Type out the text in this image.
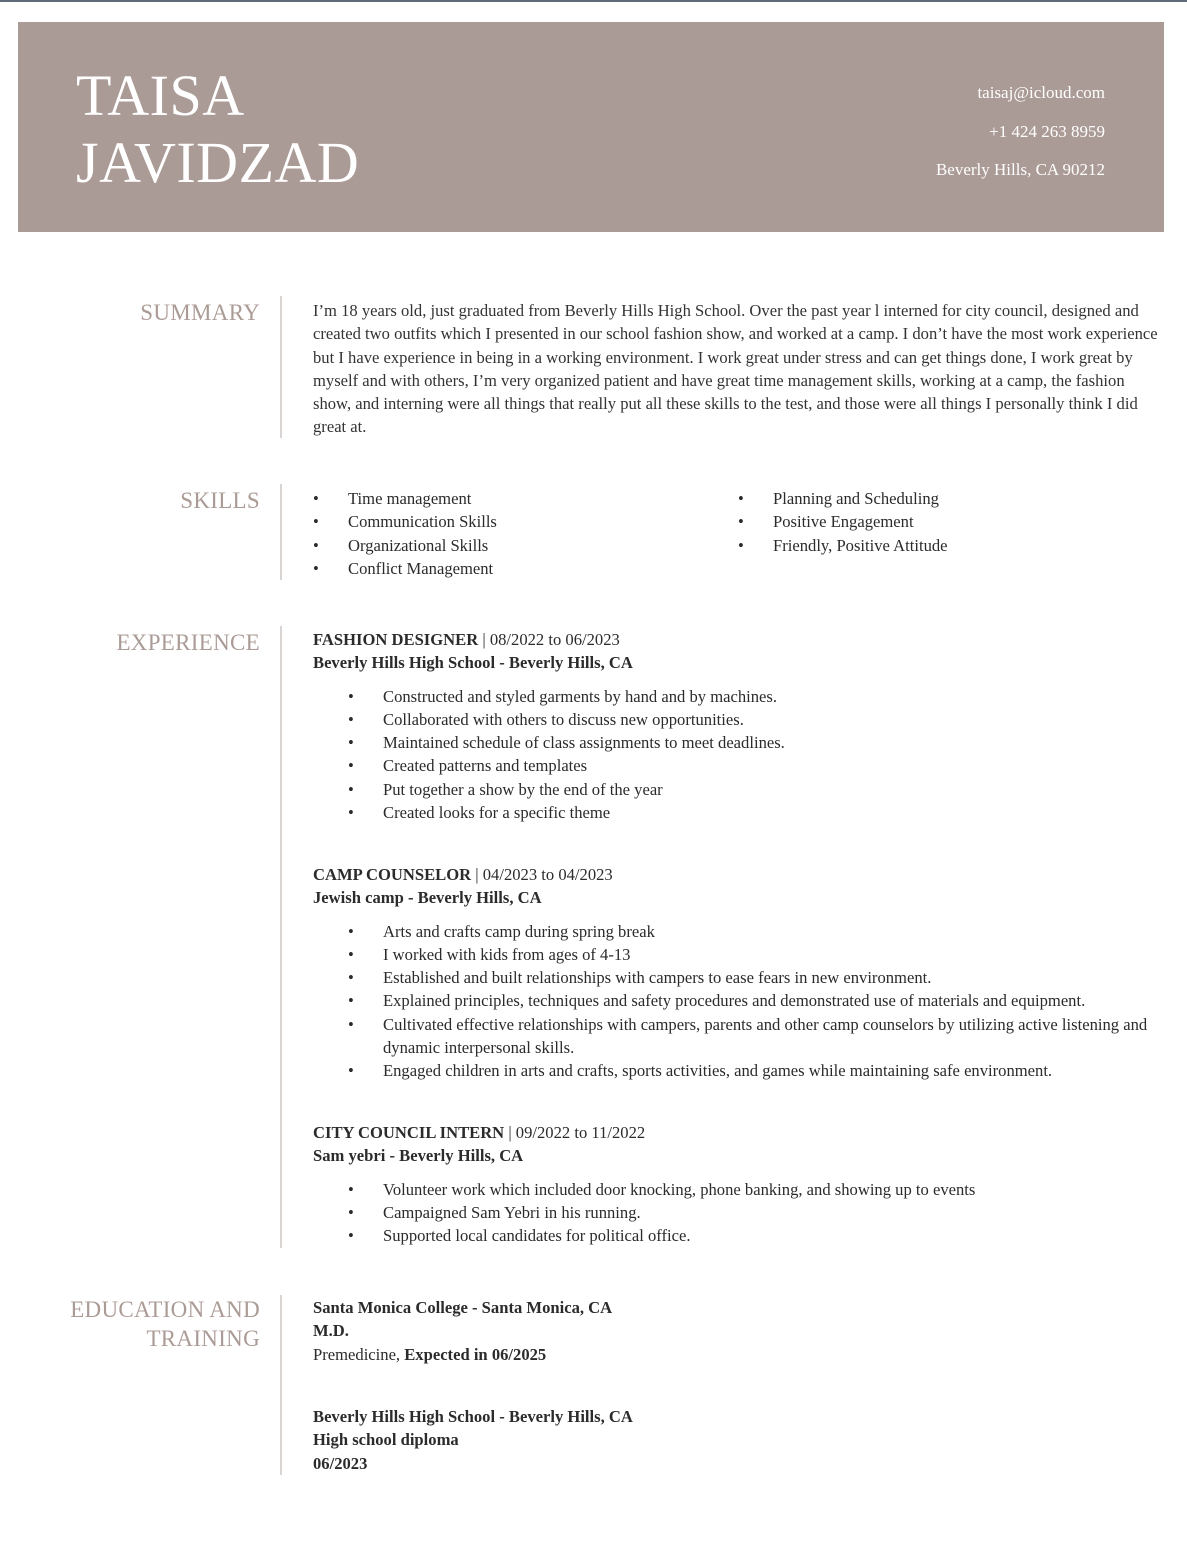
TAISA
JAVIDZAD
taisaj@icloud.com
+1 424 263 8959
Beverly Hills, CA 90212
SUMMARY	I’m 18 years old, just graduated from Beverly Hills High School. Over the past year l interned for city council, designed and created two outfits which I presented in our school fashion show, and worked at a camp. I don’t have the most work experience but I have experience in being in a working environment. I work great under stress and can get things done, I work great by myself and with others, I’m very organized patient and have great time management skills, working at a camp, the fashion show, and interning were all things that really put all these skills to the test, and those were all things I personally think I did great at.
SKILLS
•	Time management
• Communication Skills
• Organizational Skills
• Conflict Management
• Planning and Scheduling
• Positive Engagement
• Friendly, Positive Attitude
EXPERIENCE	FASHION DESIGNER | 08/2022 to 06/2023
Beverly Hills High School - Beverly Hills, CA
• Constructed and styled garments by hand and by machines.
• Collaborated with others to discuss new opportunities.
• Maintained schedule of class assignments to meet deadlines.
• Created patterns and templates
• Put together a show by the end of the year
• Created looks for a specific theme
CAMP COUNSELOR | 04/2023 to 04/2023
Jewish camp - Beverly Hills, CA
• Arts and crafts camp during spring break
• I worked with kids from ages of 4-13
• Established and built relationships with campers to ease fears in new environment.
• Explained principles, techniques and safety procedures and demonstrated use of materials and equipment.
• Cultivated effective relationships with campers, parents and other camp counselors by utilizing active listening and dynamic interpersonal skills.
• Engaged children in arts and crafts, sports activities, and games while maintaining safe environment.
CITY COUNCIL INTERN | 09/2022 to 11/2022
Sam yebri - Beverly Hills, CA
• Volunteer work which included door knocking, phone banking, and showing up to events
• Campaigned Sam Yebri in his running.
• Supported local candidates for political office.
EDUCATION AND
TRAINING
Santa Monica College - Santa Monica, CA
M.D.
Premedicine, Expected in 06/2025
Beverly Hills High School - Beverly Hills, CA
High school diploma
06/2023
